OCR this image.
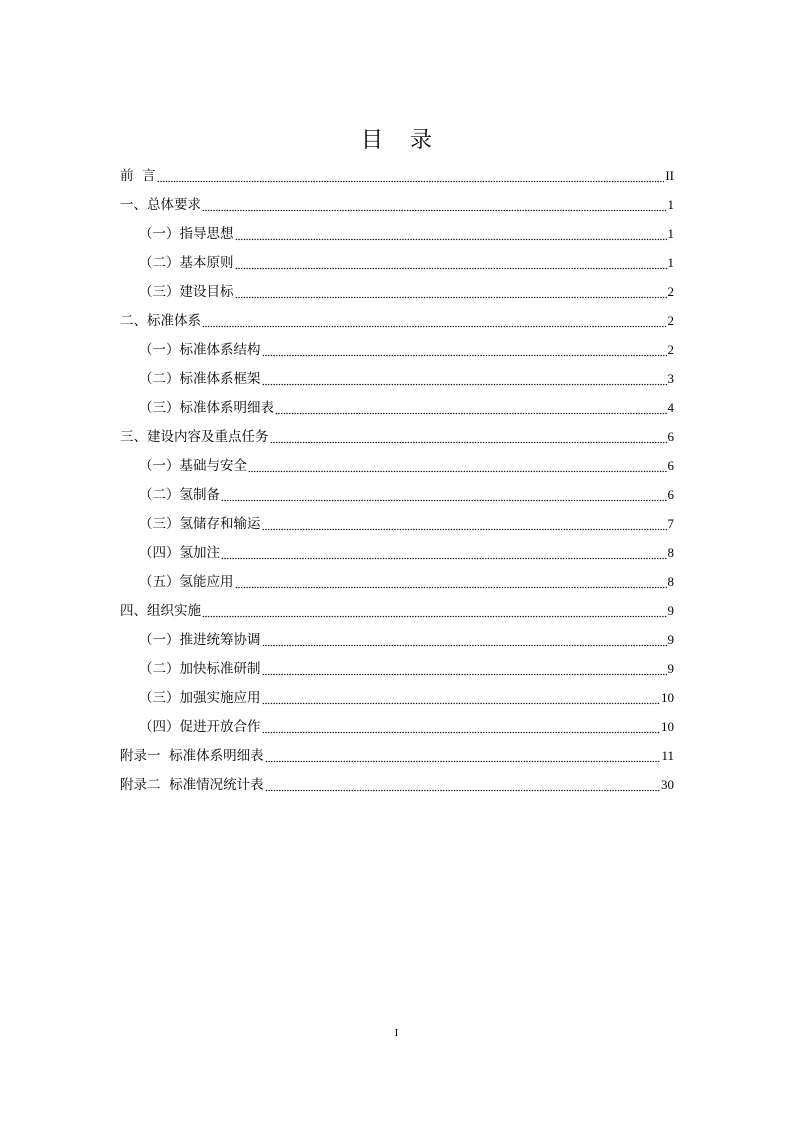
目 录
前  言	II
一、总体要求	1
（一）指导思想	1
（二）基本原则	1
（三）建设目标	2
二、标准体系	2
（一）标准体系结构	2
（二）标准体系框架	3
（三）标准体系明细表	4
三、建设内容及重点任务	6
（一）基础与安全	6
（二）氢制备	6
（三）氢储存和输运	7
（四）氢加注	8
（五）氢能应用	8
四、组织实施	9
（一）推进统筹协调	9
（二）加快标准研制	9
（三）加强实施应用	10
（四）促进开放合作	10
附录一  标准体系明细表	11
附录二  标准情况统计表	30
I
